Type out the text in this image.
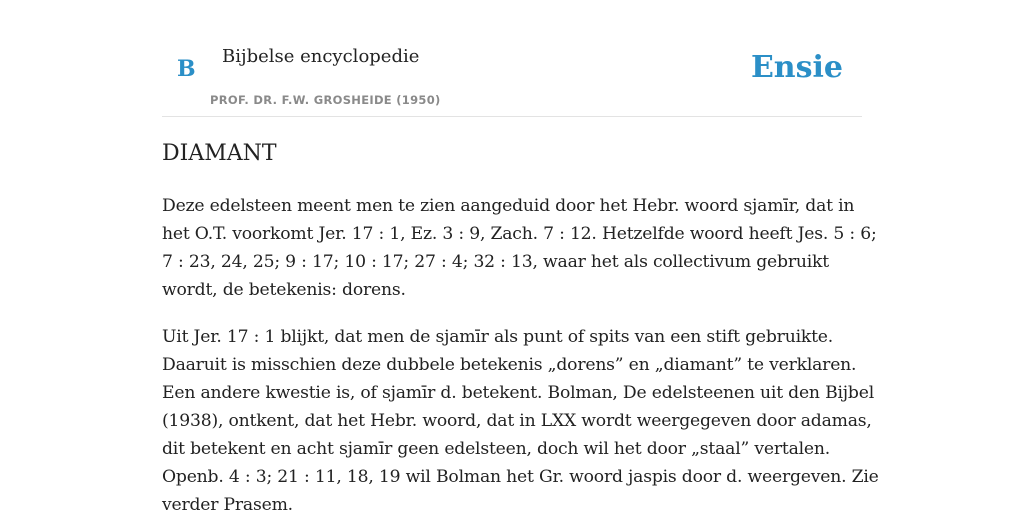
B Bijbelse encyclopedie
PROF. DR. F.W. GROSHEIDE (1950)
Ensie
DIAMANT

Deze edelsteen meent men te zien aangeduid door het Hebr. woord sjamīr, dat in
het O.T. voorkomt Jer. 17 : 1, Ez. 3 : 9, Zach. 7 : 12. Hetzelfde woord heeft Jes. 5 : 6;
7 : 23, 24, 25; 9 : 17; 10 : 17; 27 : 4; 32 : 13, waar het als collectivum gebruikt
wordt, de betekenis: dorens.

Uit Jer. 17 : 1 blijkt, dat men de sjamīr als punt of spits van een stift gebruikte.
Daaruit is misschien deze dubbele betekenis „dorens” en „diamant” te verklaren.
Een andere kwestie is, of sjamīr d. betekent. Bolman, De edelsteenen uit den Bijbel
(1938), ontkent, dat het Hebr. woord, dat in LXX wordt weergegeven door adamas,
dit betekent en acht sjamīr geen edelsteen, doch wil het door „staal” vertalen.
Openb. 4 : 3; 21 : 11, 18, 19 wil Bolman het Gr. woord jaspis door d. weergeven. Zie
verder Prasem.
